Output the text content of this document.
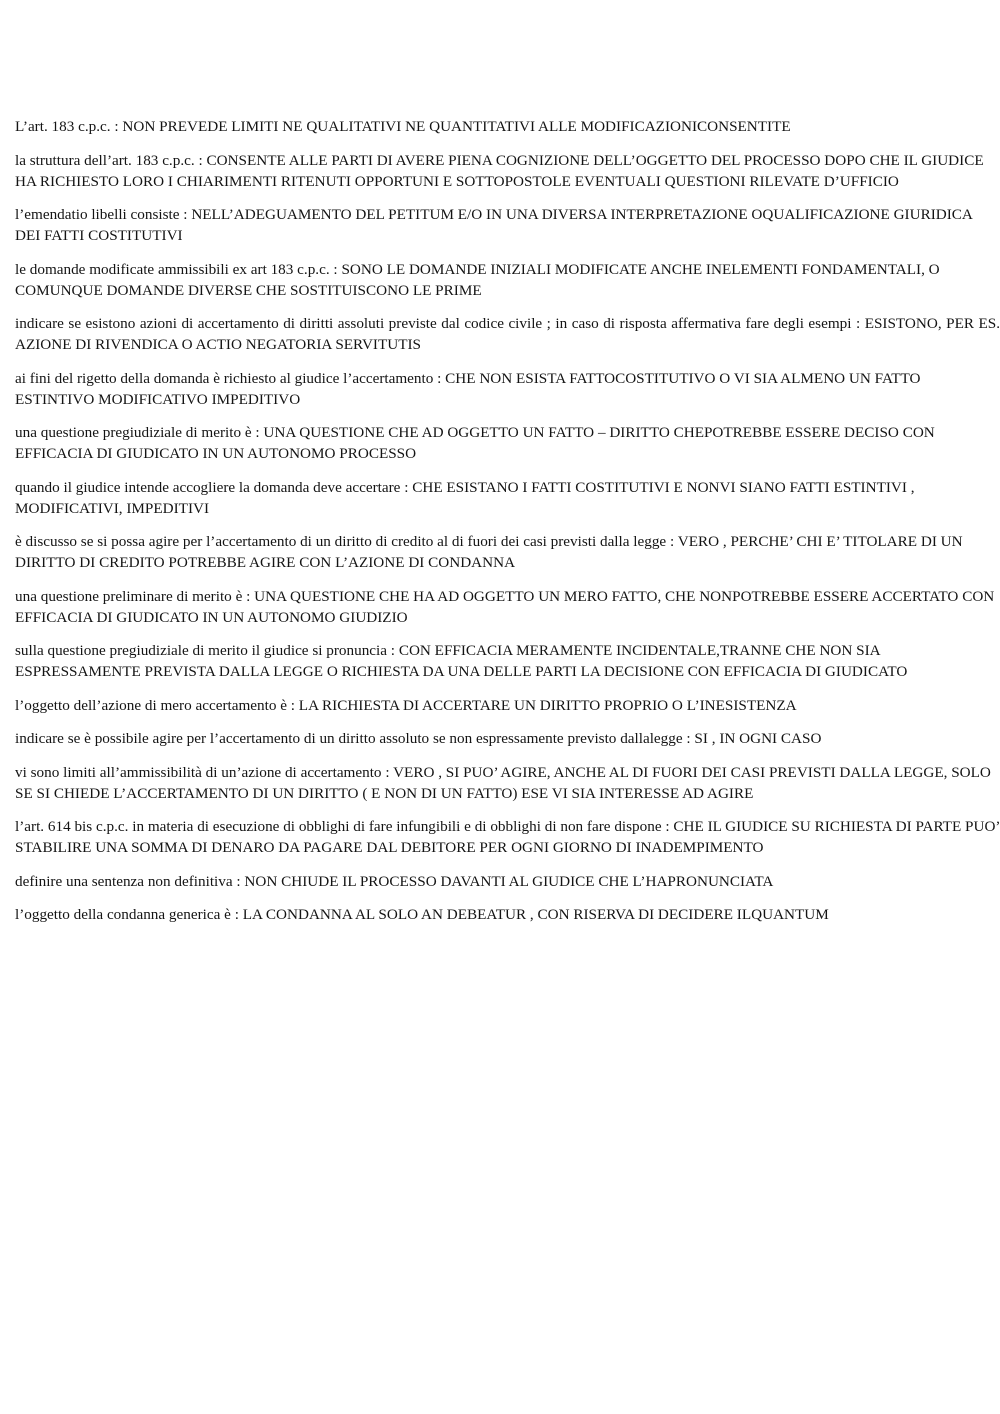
L’art. 183 c.p.c. : NON PREVEDE LIMITI NE QUALITATIVI NE QUANTITATIVI ALLE MODIFICAZIONICONSENTITE

la struttura dell’art. 183 c.p.c. : CONSENTE ALLE PARTI DI AVERE PIENA COGNIZIONE DELL’OGGETTO DEL PROCESSO DOPO CHE IL GIUDICE HA RICHIESTO LORO I CHIARIMENTI RITENUTI OPPORTUNI E SOTTOPOSTOLE EVENTUALI QUESTIONI RILEVATE D’UFFICIO

l’emendatio libelli consiste : NELL’ADEGUAMENTO DEL PETITUM E/O IN UNA DIVERSA INTERPRETAZIONE OQUALIFICAZIONE GIURIDICA DEI FATTI COSTITUTIVI

le domande modificate ammissibili ex art 183 c.p.c. : SONO LE DOMANDE INIZIALI MODIFICATE ANCHE INELEMENTI FONDAMENTALI, O COMUNQUE DOMANDE DIVERSE CHE SOSTITUISCONO LE PRIME

indicare se esistono azioni di accertamento di diritti assoluti previste dal codice civile ; in caso di risposta affermativa fare degli esempi : ESISTONO, PER ES. AZIONE DI RIVENDICA O ACTIO NEGATORIA SERVITUTIS

ai fini del rigetto della domanda è richiesto al giudice l’accertamento : CHE NON ESISTA FATTOCOSTITUTIVO O VI SIA ALMENO UN FATTO ESTINTIVO MODIFICATIVO IMPEDITIVO

una questione pregiudiziale di merito è : UNA QUESTIONE CHE AD OGGETTO UN FATTO – DIRITTO CHEPOTREBBE ESSERE DECISO CON EFFICACIA DI GIUDICATO IN UN AUTONOMO PROCESSO

quando il giudice intende accogliere la domanda deve accertare : CHE ESISTANO I FATTI COSTITUTIVI E NONVI SIANO FATTI ESTINTIVI , MODIFICATIVI, IMPEDITIVI

è discusso se si possa agire per l’accertamento di un diritto di credito al di fuori dei casi previsti dalla legge : VERO , PERCHE’ CHI E’ TITOLARE DI UN DIRITTO DI CREDITO POTREBBE AGIRE CON L’AZIONE DI CONDANNA

una questione preliminare di merito è : UNA QUESTIONE CHE HA AD OGGETTO UN MERO FATTO, CHE NONPOTREBBE ESSERE ACCERTATO CON EFFICACIA DI GIUDICATO IN UN AUTONOMO GIUDIZIO

sulla questione pregiudiziale di merito il giudice si pronuncia : CON EFFICACIA MERAMENTE INCIDENTALE,TRANNE CHE NON SIA ESPRESSAMENTE PREVISTA DALLA LEGGE O RICHIESTA DA UNA DELLE PARTI LA DECISIONE CON EFFICACIA DI GIUDICATO

l’oggetto dell’azione di mero accertamento è : LA RICHIESTA DI ACCERTARE UN DIRITTO PROPRIO O L’INESISTENZA

indicare se è possibile agire per l’accertamento di un diritto assoluto se non espressamente previsto dallalegge : SI , IN OGNI CASO

vi sono limiti all’ammissibilità di un’azione di accertamento : VERO , SI PUO’ AGIRE, ANCHE AL DI FUORI DEI CASI PREVISTI DALLA LEGGE, SOLO SE SI CHIEDE L’ACCERTAMENTO DI UN DIRITTO ( E NON DI UN FATTO) ESE VI SIA INTERESSE AD AGIRE

l’art. 614 bis c.p.c. in materia di esecuzione di obblighi di fare infungibili e di obblighi di non fare dispone : CHE IL GIUDICE SU RICHIESTA DI PARTE PUO’ STABILIRE UNA SOMMA DI DENARO DA PAGARE DAL DEBITORE PER OGNI GIORNO DI INADEMPIMENTO

definire una sentenza non definitiva : NON CHIUDE IL PROCESSO DAVANTI AL GIUDICE CHE L’HAPRONUNCIATA

l’oggetto della condanna generica è : LA CONDANNA AL SOLO AN DEBEATUR , CON RISERVA DI DECIDERE ILQUANTUM
